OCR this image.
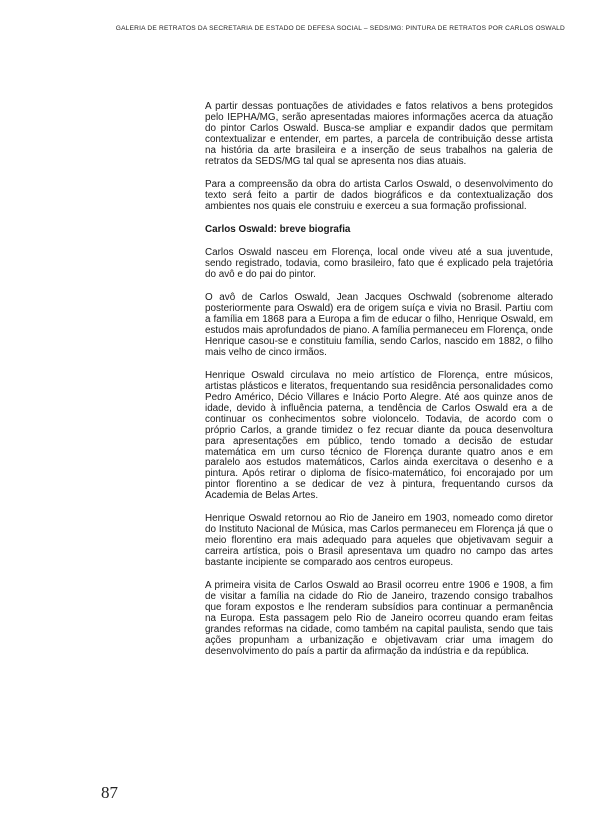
GALERIA DE RETRATOS DA SECRETARIA DE ESTADO DE DEFESA SOCIAL – SEDS/MG: PINTURA DE RETRATOS POR CARLOS OSWALD

A partir dessas pontuações de atividades e fatos relativos a bens protegidos pelo IEPHA/MG, serão apresentadas maiores informações acerca da atuação do pintor Carlos Oswald. Busca-se ampliar e expandir dados que permitam contextualizar e entender, em partes, a parcela de contribuição desse artista na história da arte brasileira e a inserção de seus trabalhos na galeria de retratos da SEDS/MG tal qual se apresenta nos dias atuais.

Para a compreensão da obra do artista Carlos Oswald, o desenvolvimento do texto será feito a partir de dados biográficos e da contextualização dos ambientes nos quais ele construiu e exerceu a sua formação profissional.

Carlos Oswald: breve biografia

Carlos Oswald nasceu em Florença, local onde viveu até a sua juventude, sendo registrado, todavia, como brasileiro, fato que é explicado pela trajetória do avô e do pai do pintor.

O avô de Carlos Oswald, Jean Jacques Oschwald (sobrenome alterado posteriormente para Oswald) era de origem suíça e vivia no Brasil. Partiu com a família em 1868 para a Europa a fim de educar o filho, Henrique Oswald, em estudos mais aprofundados de piano. A família permaneceu em Florença, onde Henrique casou-se e constituiu família, sendo Carlos, nascido em 1882, o filho mais velho de cinco irmãos.

Henrique Oswald circulava no meio artístico de Florença, entre músicos, artistas plásticos e literatos, frequentando sua residência personalidades como Pedro Américo, Décio Villares e Inácio Porto Alegre. Até aos quinze anos de idade, devido à influência paterna, a tendência de Carlos Oswald era a de continuar os conhecimentos sobre violoncelo. Todavia, de acordo com o próprio Carlos, a grande timidez o fez recuar diante da pouca desenvoltura para apresentações em público, tendo tomado a decisão de estudar matemática em um curso técnico de Florença durante quatro anos e em paralelo aos estudos matemáticos, Carlos ainda exercitava o desenho e a pintura. Após retirar o diploma de físico-matemático, foi encorajado por um pintor florentino a se dedicar de vez à pintura, frequentando cursos da Academia de Belas Artes.

Henrique Oswald retornou ao Rio de Janeiro em 1903, nomeado como diretor do Instituto Nacional de Música, mas Carlos permaneceu em Florença já que o meio florentino era mais adequado para aqueles que objetivavam seguir a carreira artística, pois o Brasil apresentava um quadro no campo das artes bastante incipiente se comparado aos centros europeus.

A primeira visita de Carlos Oswald ao Brasil ocorreu entre 1906 e 1908, a fim de visitar a família na cidade do Rio de Janeiro, trazendo consigo trabalhos que foram expostos e lhe renderam subsídios para continuar a permanência na Europa. Esta passagem pelo Rio de Janeiro ocorreu quando eram feitas grandes reformas na cidade, como também na capital paulista, sendo que tais ações propunham a urbanização e objetivavam criar uma imagem do desenvolvimento do país a partir da afirmação da indústria e da república.

87
